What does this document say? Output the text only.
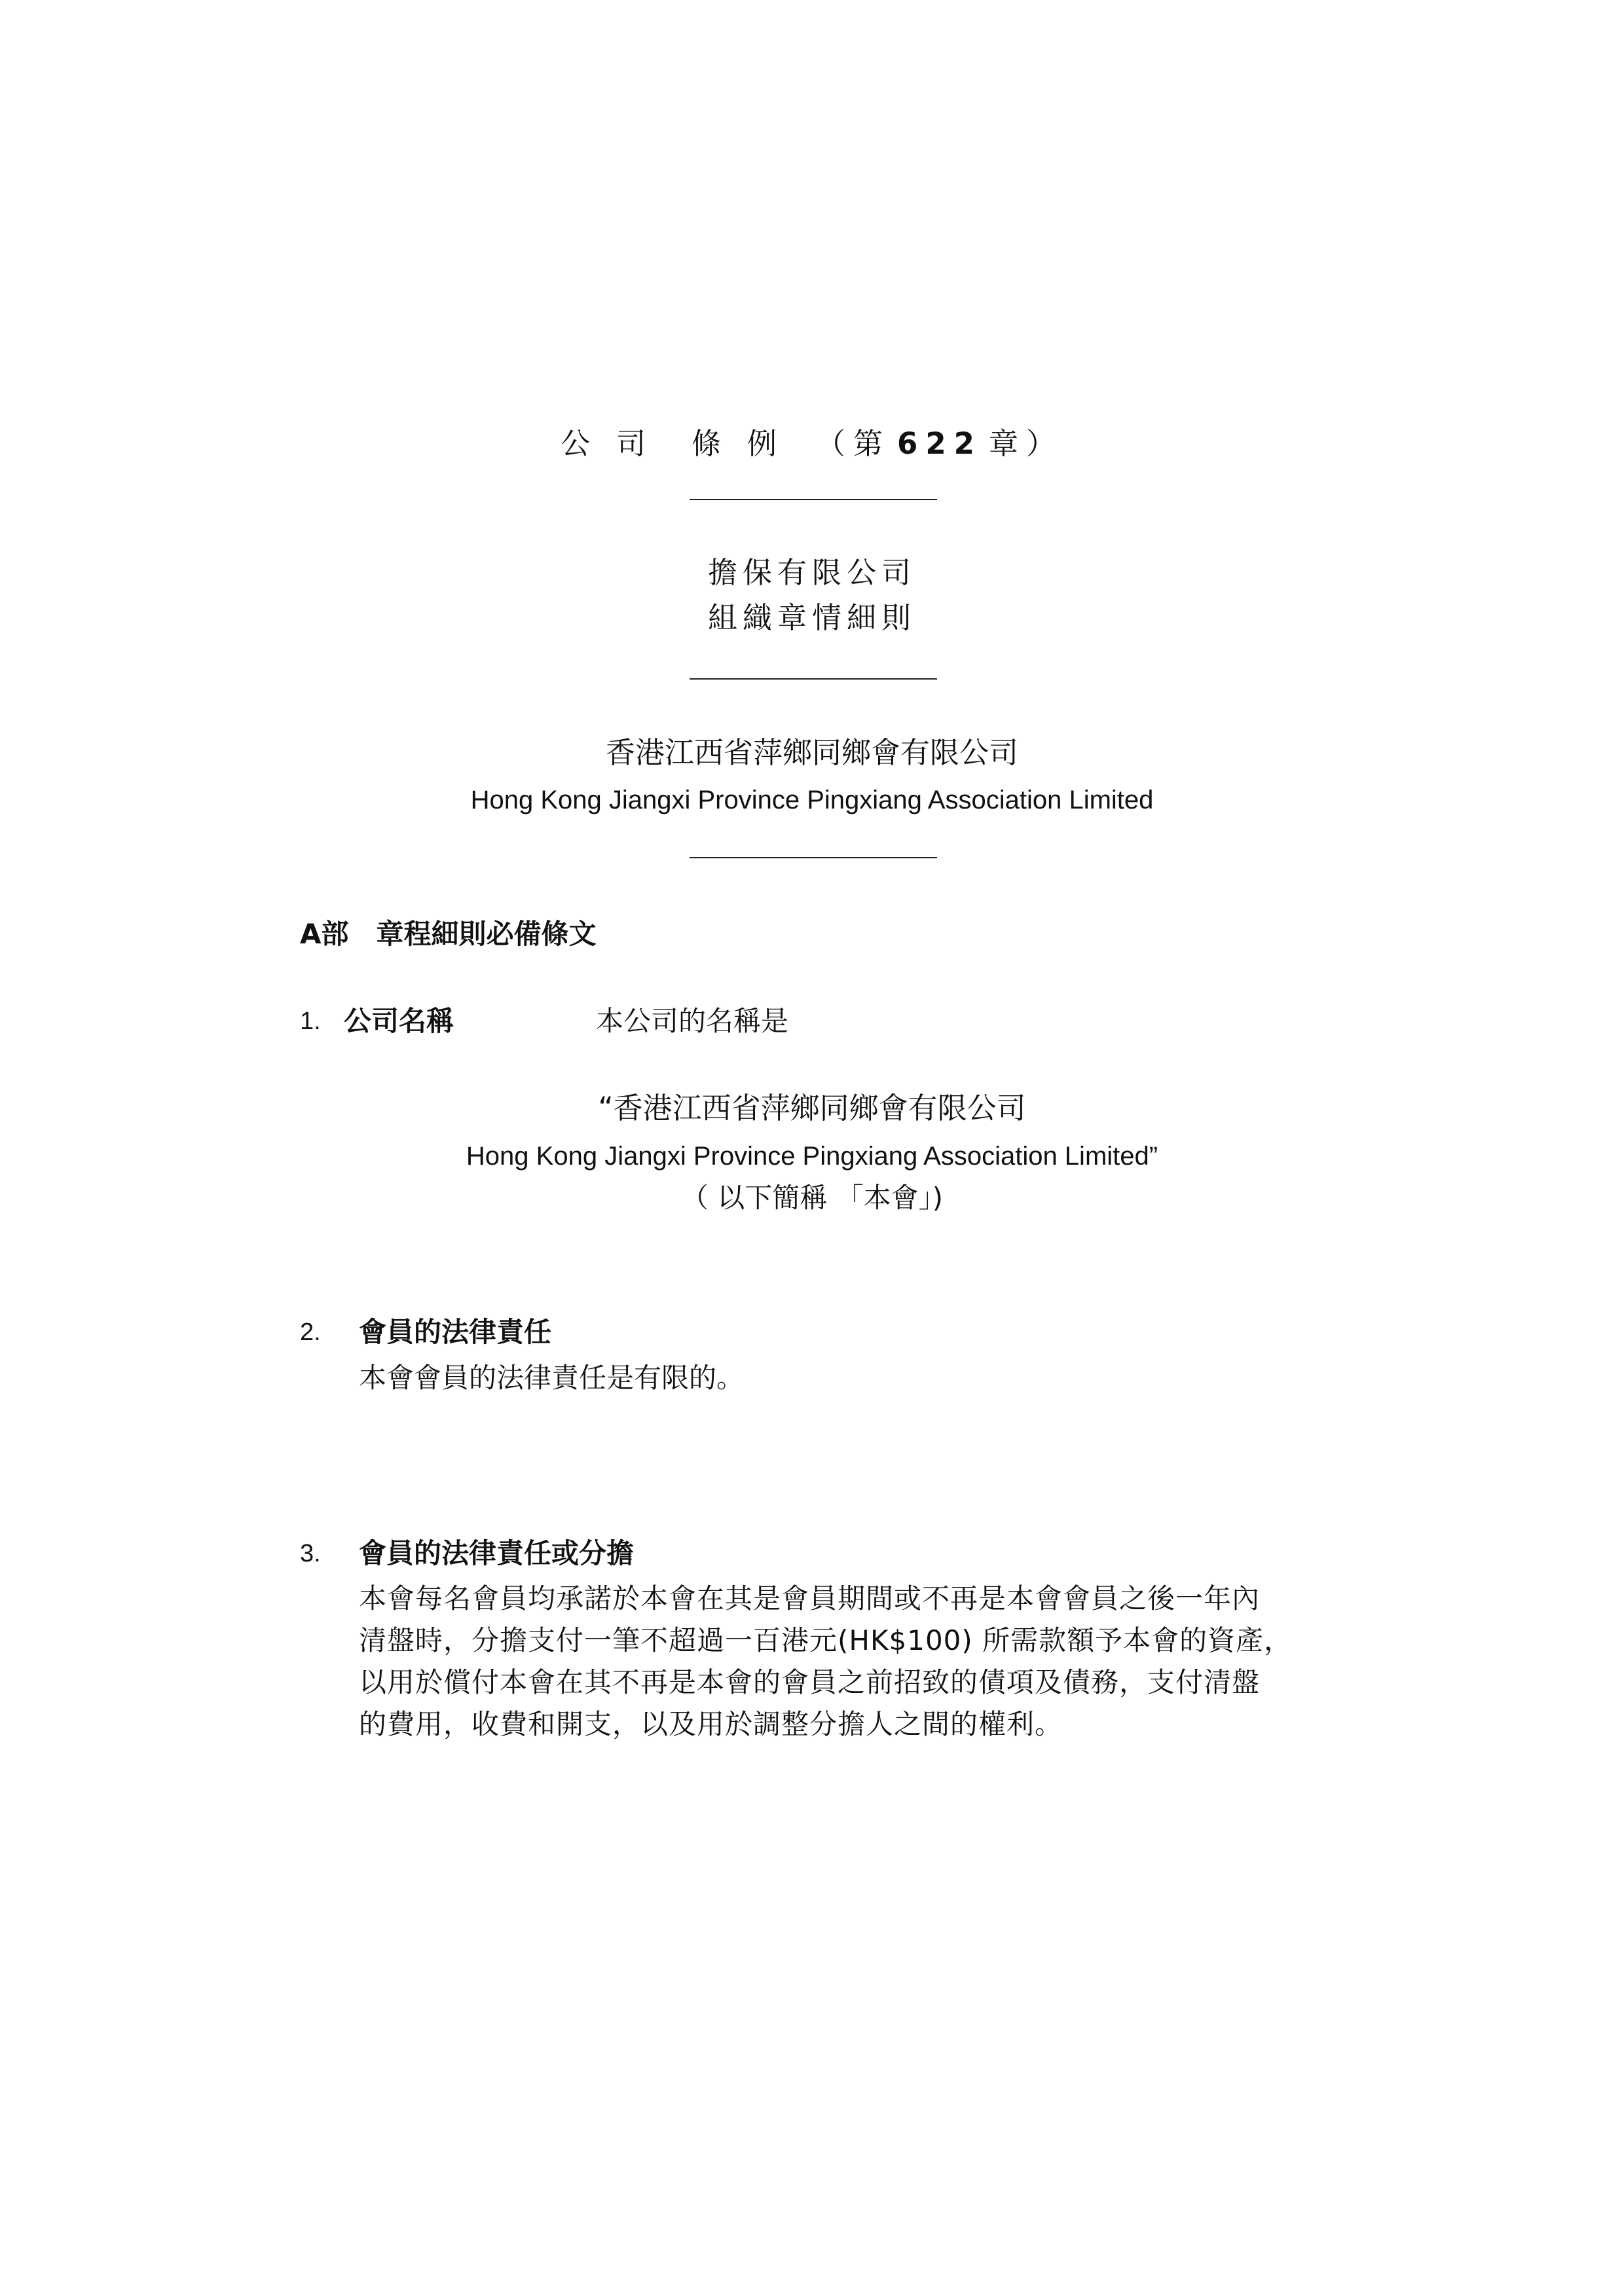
公司 條例 （第 622 章）
擔保有限公司
組織章情細則
香港江西省萍鄉同鄉會有限公司
Hong Kong Jiangxi Province Pingxiang Association Limited
A部　章程細則必備條文
1. 公司名稱	本公司的名稱是
“香港江西省萍鄉同鄉會有限公司
Hong Kong Jiangxi Province Pingxiang Association Limited”
（ 以下簡稱 「本會」)
2. 會員的法律責任
本會會員的法律責任是有限的。
3. 會員的法律責任或分擔
本會每名會員均承諾於本會在其是會員期間或不再是本會會員之後一年內
清盤時，分擔支付一筆不超過一百港元(HK$100) 所需款額予本會的資產，
以用於償付本會在其不再是本會的會員之前招致的債項及債務，支付清盤
的費用，收費和開支，以及用於調整分擔人之間的權利。
